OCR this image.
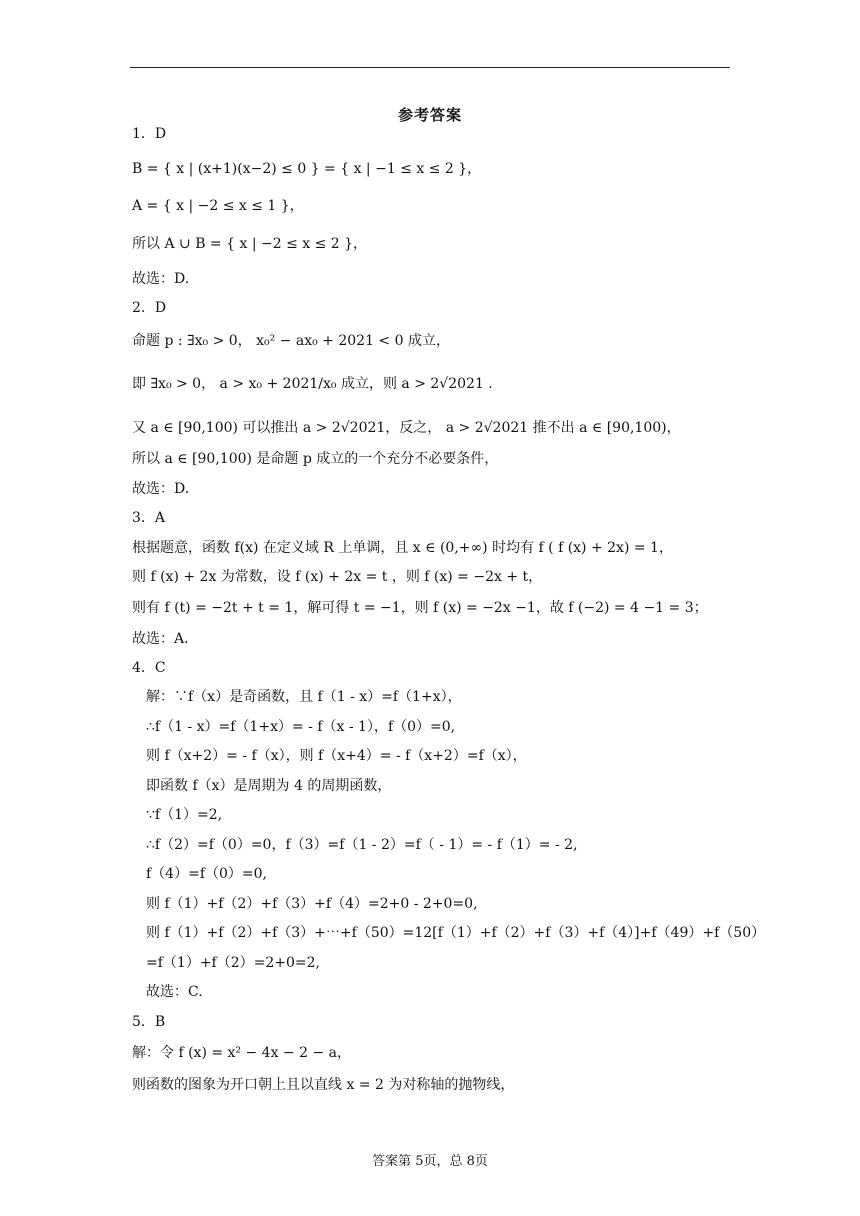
参考答案
1．D
B = { x | (x+1)(x−2) ≤ 0 } = { x | −1 ≤ x ≤ 2 }，
A = { x | −2 ≤ x ≤ 1 }，
所以 A ∪ B = { x | −2 ≤ x ≤ 2 }，
故选：D.
2．D
命题 p : ∃x₀ > 0， x₀² − ax₀ + 2021 < 0 成立，
即 ∃x₀ > 0， a > x₀ + 2021/x₀ 成立，则 a > 2√2021 .
又 a ∈ [90,100) 可以推出 a > 2√2021，反之， a > 2√2021 推不出 a ∈ [90,100)，
所以 a ∈ [90,100) 是命题 p 成立的一个充分不必要条件，
故选：D.
3．A
根据题意，函数 f(x) 在定义域 R 上单调，且 x ∈ (0,+∞) 时均有 f ( f (x) + 2x) = 1，
则 f (x) + 2x 为常数，设 f (x) + 2x = t ，则 f (x) = −2x + t，
则有 f (t) = −2t + t = 1，解可得 t = −1，则 f (x) = −2x −1，故 f (−2) = 4 −1 = 3；
故选：A.
4．C
解：∵f（x）是奇函数，且 f（1 - x）=f（1+x），
∴f（1 - x）=f（1+x）= - f（x - 1），f（0）=0,
则 f（x+2）= - f（x），则 f（x+4）= - f（x+2）=f（x），
即函数 f（x）是周期为 4 的周期函数，
∵f（1）=2,
∴f（2）=f（0）=0，f（3）=f（1 - 2）=f（ - 1）= - f（1）= - 2,
f（4）=f（0）=0,
则 f（1）+f（2）+f（3）+f（4）=2+0 - 2+0=0,
则 f（1）+f（2）+f（3）+⋯+f（50）=12[f（1）+f（2）+f（3）+f（4）]+f（49）+f（50）
=f（1）+f（2）=2+0=2,
故选：C.
5．B
解：令 f (x) = x² − 4x − 2 − a，
则函数的图象为开口朝上且以直线 x = 2 为对称轴的抛物线，
答案第 5页，总 8页
